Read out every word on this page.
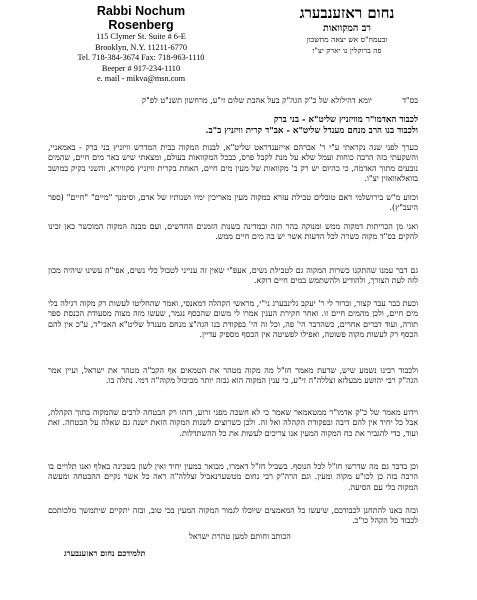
Rabbi Nochum Rosenberg
115 Clymer St. Suite # 6-E
Brooklyn, N.Y. 11211-6770
Tel. 718-384-3674 Fax: 718-963-1110
Beeper # 917-234-1110
e. mail - mikva@msn.com
נחום ראזענבערג
רב המקוואות
ובעמח"ס אש יצאה מחשבון
פה ברוקלין נו יארק יצ"ו
בס"ד
יומא דהילולא של כ"ק הגה"ק בעל אהבת שלום זי"ע, מרחשון תשנ"ט לפ"ק
לכבוד האדמו"ר מוויזניץ שליט"א - בני ברק
ולכבוד בנו הרב מנחם מענדל שליט"א - אב"ד קרית וויזניץ ב"ב.

כערך לפני שנה נקראתי ע"י ר' אברהם אייזענדראט שליט"א, לבנות המקוה בבית המדרש וויזניץ בני ברק - באמאניי, והשקעתי בזה הרבה כוחות ועמל שלא על מנת לקבל פרס, כבכל המקוואות בעולם, ומצאתי שיש באר מים חיים, שהמים נובעים מתוך האדמה, כי כהיום יש רק ב' מקוואות של מעין מים חיים, האחת בקרית וויזניץ סקווירא, והשני בקיק במושב בוואלאוואזין יצ"ו.

וכזוע מ"ש בירושלמי דאם טובלים טבילת עזרא במקוה מעין מאריכין ימיו ושנותיו של אדם, וסימנך "מיים" "חיים" (ספר היעב"ץ).

ואני מן הכריתות דמקוה ממש ומנוקה בהר הזה ובמדינה בשנות הזמנים החדשים, ועם מבנה המקוה המוכשר כאן זכינו להקים בס"ד מקוה כשרה לכל הדעות אשר יש בה מים חיים ממש.

גם דבר עמנו שהתקנו כשרות המקוה גם לטבילת נשים, אעפ"י שאין זה ענייני לטבול כלי נשים, אפי"ה עשינו שיהיה מכון לזה לעת הצורך, ולהודיע ולהשתמש במים חיים דוקא.

וכעת כבר עבר קצור, וברור לי ר' יעקב גלינבערג ני"י, מראשי הקהלה דמאנסי, ואמר שהחליטו לעשות רק מקוה רגילה בלי מים חיים, ולכן מהמים חיים זו. ואחר חקירת הענין אמרו לי משום שהכסף נגמר, שעשו מזה מצוה מסעודת הכנסת ספר תורה, ועוד דברים אחרים, כשהדבר הי' פה, וכל זה הי' בפקודת בנו הגה"צ מנחם מענדל שליט"א האבי"ד, ע"כ אין להם הכסף רק לעשות מקוה פשוטה, ואפילו לפשיטה אין הכסף מספיק עדיין.

ולכבוד רבינו נשמע שיש, שדעת מאמר חז"ל מה מקוה מטהר את הטמאים אף הקב"ה מטהר את ישראל, ועיין אמר הגה"ק רבי יהושע מבעלזא זצללה"ה זי"ע, כי ענין המקוה הוא גבוה יותר מכיכול מקוה"ה דמי. נתלה בו.

וידוע מאמר של כ"ק אדמו"ר ממטאמאר שאמר כי לא חשכה מפני זרוע, דזהו רק הבטחה לרבים שהמקוה בתוך הקהלה, אבל כל יחיד אין להם דיבה ובפקודת הקהלה ואל זה. ולכן כשרוצים לשנות המקוה הזאת ישנה גם שאלה על הבטחה. זאת ועוד, כדי להגביר את כח המקוה המעין אנו צריכים לעשות את כל ההשתדלות.

וכן בדבר גם מה שדרשו חז"ל לכל הנוסף. בשביל חז"ל דאמרו, מבואר במעין יחיד ואין לשון בשכינה באלף ואנו תלויים בו הרבה בזה כן לכו"ע מקוה ומעין. וגם הרה"ק רבי נחום מטשערנאביל זצללה"ה ראה כל אשר נקיים ההבטחה ומעשה המקוה בלי עם הסיעה.

ובזה באנו להתחנן לכבודכם, שיעשו כל המאמצים שיוכלו לגמור המקוה המעין בכי טוב, ובזה יתקיים שיתמשך מלכותכם לכבוד כל הקהל כו"כ.

הכותב וחותם למען טהרת ישראל
תלמידכם נחום ראזענבערג
